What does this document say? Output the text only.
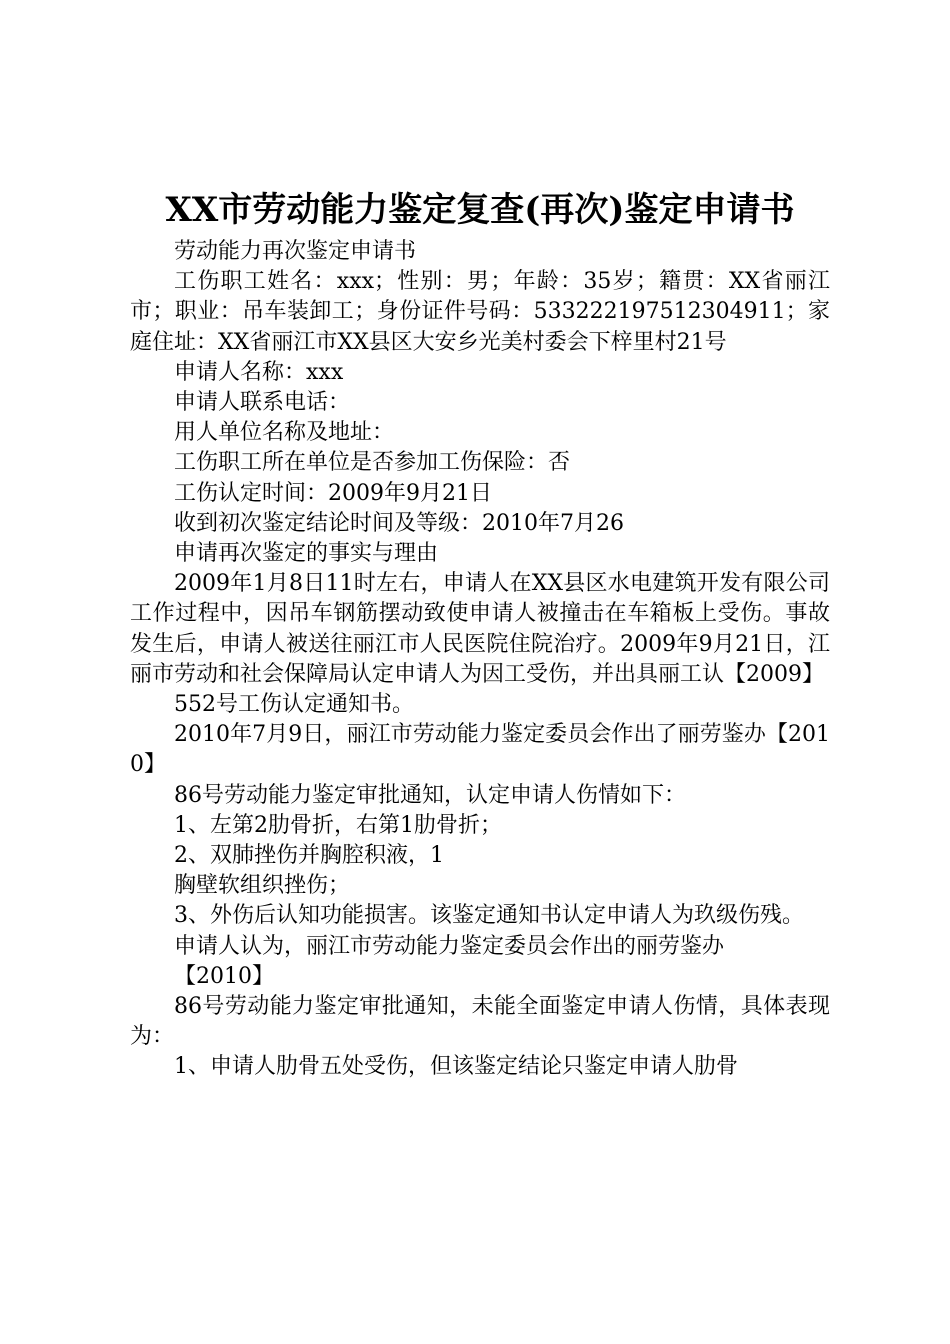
XX市劳动能力鉴定复查(再次)鉴定申请书

劳动能力再次鉴定申请书

工伤职工姓名：xxx；性别：男；年龄：35岁；籍贯：XX省丽江市；职业：吊车装卸工；身份证件号码：533222197512304911；家庭住址：XX省丽江市XX县区大安乡光美村委会下梓里村21号

申请人名称：xxx

申请人联系电话：

用人单位名称及地址：

工伤职工所在单位是否参加工伤保险：否

工伤认定时间：2009年9月21日

收到初次鉴定结论时间及等级：2010年7月26

申请再次鉴定的事实与理由

2009年1月8日11时左右，申请人在XX县区水电建筑开发有限公司工作过程中，因吊车钢筋摆动致使申请人被撞击在车箱板上受伤。事故发生后，申请人被送往丽江市人民医院住院治疗。2009年9月21日，江丽市劳动和社会保障局认定申请人为因工受伤，并出具丽工认【2009】

552号工伤认定通知书。

2010年7月9日，丽江市劳动能力鉴定委员会作出了丽劳鉴办【2010】

86号劳动能力鉴定审批通知，认定申请人伤情如下：

1、左第2肋骨折，右第1肋骨折；

2、双肺挫伤并胸腔积液，1

胸壁软组织挫伤；

3、外伤后认知功能损害。该鉴定通知书认定申请人为玖级伤残。

申请人认为，丽江市劳动能力鉴定委员会作出的丽劳鉴办

【2010】

86号劳动能力鉴定审批通知，未能全面鉴定申请人伤情，具体表现为：

1、申请人肋骨五处受伤，但该鉴定结论只鉴定申请人肋骨
